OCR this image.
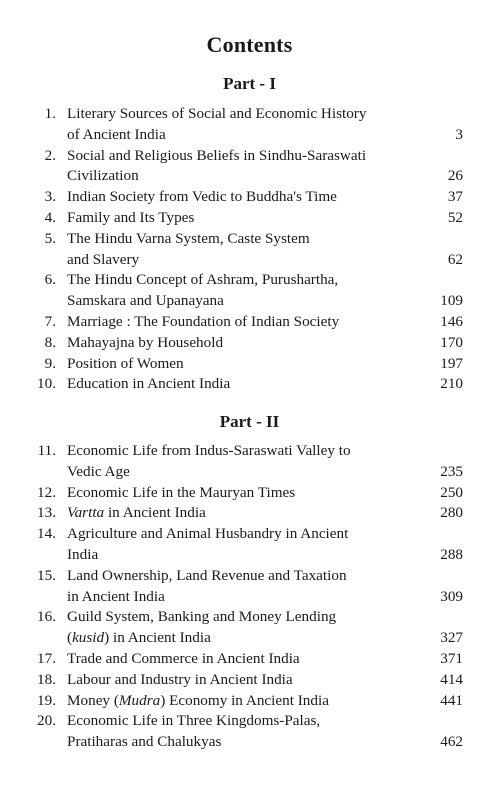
Contents
Part - I
1. Literary Sources of Social and Economic History
of Ancient India	3
2. Social and Religious Beliefs in Sindhu-Saraswati
Civilization	26
3. Indian Society from Vedic to Buddha's Time	37
4. Family and Its Types	52
5. The Hindu Varna System, Caste System
and Slavery	62
6. The Hindu Concept of Ashram, Purushartha,
Samskara and Upanayana	109
7. Marriage : The Foundation of Indian Society	146
8. Mahayajna by Household	170
9. Position of Women	197
10. Education in Ancient India	210
Part - II
11. Economic Life from Indus-Saraswati Valley to
Vedic Age	235
12. Economic Life in the Mauryan Times	250
13. Vartta in Ancient India	280
14. Agriculture and Animal Husbandry in Ancient
India	288
15. Land Ownership, Land Revenue and Taxation
in Ancient India	309
16. Guild System, Banking and Money Lending
(kusid) in Ancient India	327
17. Trade and Commerce in Ancient India	371
18. Labour and Industry in Ancient India	414
19. Money (Mudra) Economy in Ancient India	441
20. Economic Life in Three Kingdoms-Palas,
Pratiharas and Chalukyas	462
